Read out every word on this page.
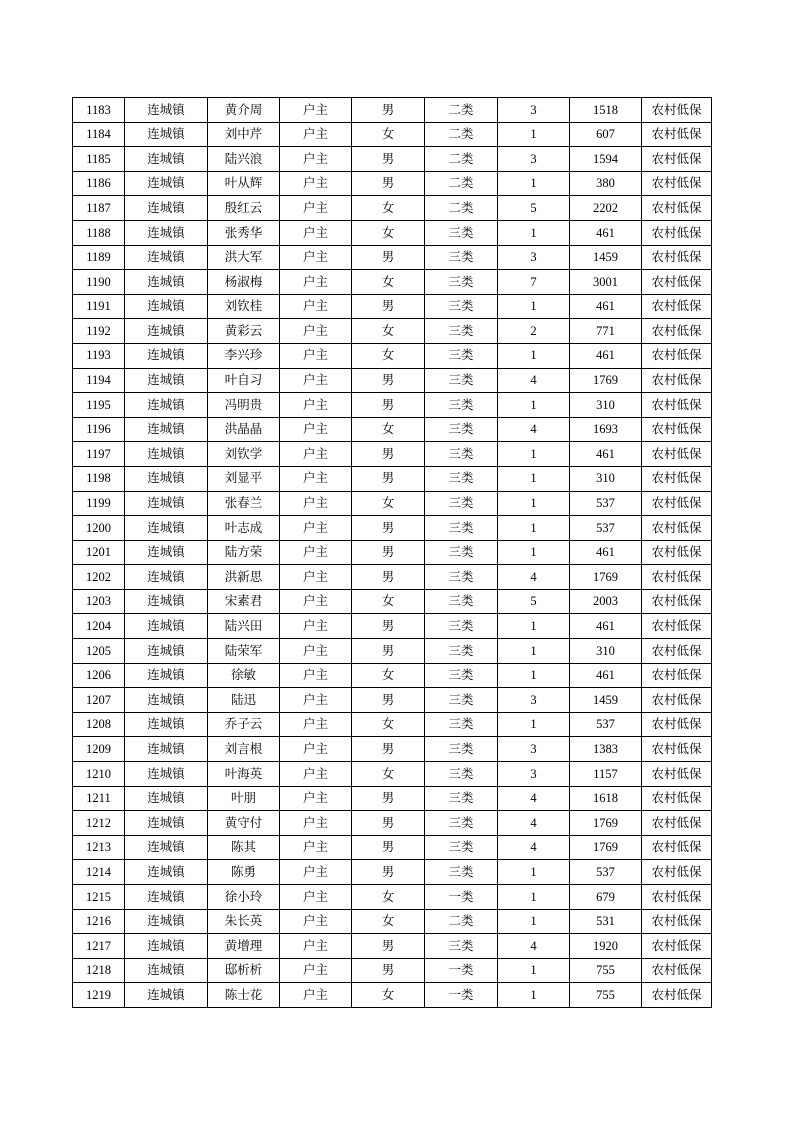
1183	连城镇	黄介周	户主	男	二类	3	1518	农村低保
1184	连城镇	刘中芹	户主	女	二类	1	607	农村低保
1185	连城镇	陆兴浪	户主	男	二类	3	1594	农村低保
1186	连城镇	叶从辉	户主	男	二类	1	380	农村低保
1187	连城镇	殷红云	户主	女	二类	5	2202	农村低保
1188	连城镇	张秀华	户主	女	三类	1	461	农村低保
1189	连城镇	洪大军	户主	男	三类	3	1459	农村低保
1190	连城镇	杨淑梅	户主	女	三类	7	3001	农村低保
1191	连城镇	刘钦桂	户主	男	三类	1	461	农村低保
1192	连城镇	黄彩云	户主	女	三类	2	771	农村低保
1193	连城镇	李兴珍	户主	女	三类	1	461	农村低保
1194	连城镇	叶自习	户主	男	三类	4	1769	农村低保
1195	连城镇	冯明贵	户主	男	三类	1	310	农村低保
1196	连城镇	洪晶晶	户主	女	三类	4	1693	农村低保
1197	连城镇	刘钦学	户主	男	三类	1	461	农村低保
1198	连城镇	刘显平	户主	男	三类	1	310	农村低保
1199	连城镇	张春兰	户主	女	三类	1	537	农村低保
1200	连城镇	叶志成	户主	男	三类	1	537	农村低保
1201	连城镇	陆方荣	户主	男	三类	1	461	农村低保
1202	连城镇	洪新思	户主	男	三类	4	1769	农村低保
1203	连城镇	宋素君	户主	女	三类	5	2003	农村低保
1204	连城镇	陆兴田	户主	男	三类	1	461	农村低保
1205	连城镇	陆荣军	户主	男	三类	1	310	农村低保
1206	连城镇	徐敏	户主	女	三类	1	461	农村低保
1207	连城镇	陆迅	户主	男	三类	3	1459	农村低保
1208	连城镇	乔子云	户主	女	三类	1	537	农村低保
1209	连城镇	刘言根	户主	男	三类	3	1383	农村低保
1210	连城镇	叶海英	户主	女	三类	3	1157	农村低保
1211	连城镇	叶朋	户主	男	三类	4	1618	农村低保
1212	连城镇	黄守付	户主	男	三类	4	1769	农村低保
1213	连城镇	陈其	户主	男	三类	4	1769	农村低保
1214	连城镇	陈勇	户主	男	三类	1	537	农村低保
1215	连城镇	徐小玲	户主	女	一类	1	679	农村低保
1216	连城镇	朱长英	户主	女	二类	1	531	农村低保
1217	连城镇	黄增理	户主	男	三类	4	1920	农村低保
1218	连城镇	邸析析	户主	男	一类	1	755	农村低保
1219	连城镇	陈士花	户主	女	一类	1	755	农村低保
